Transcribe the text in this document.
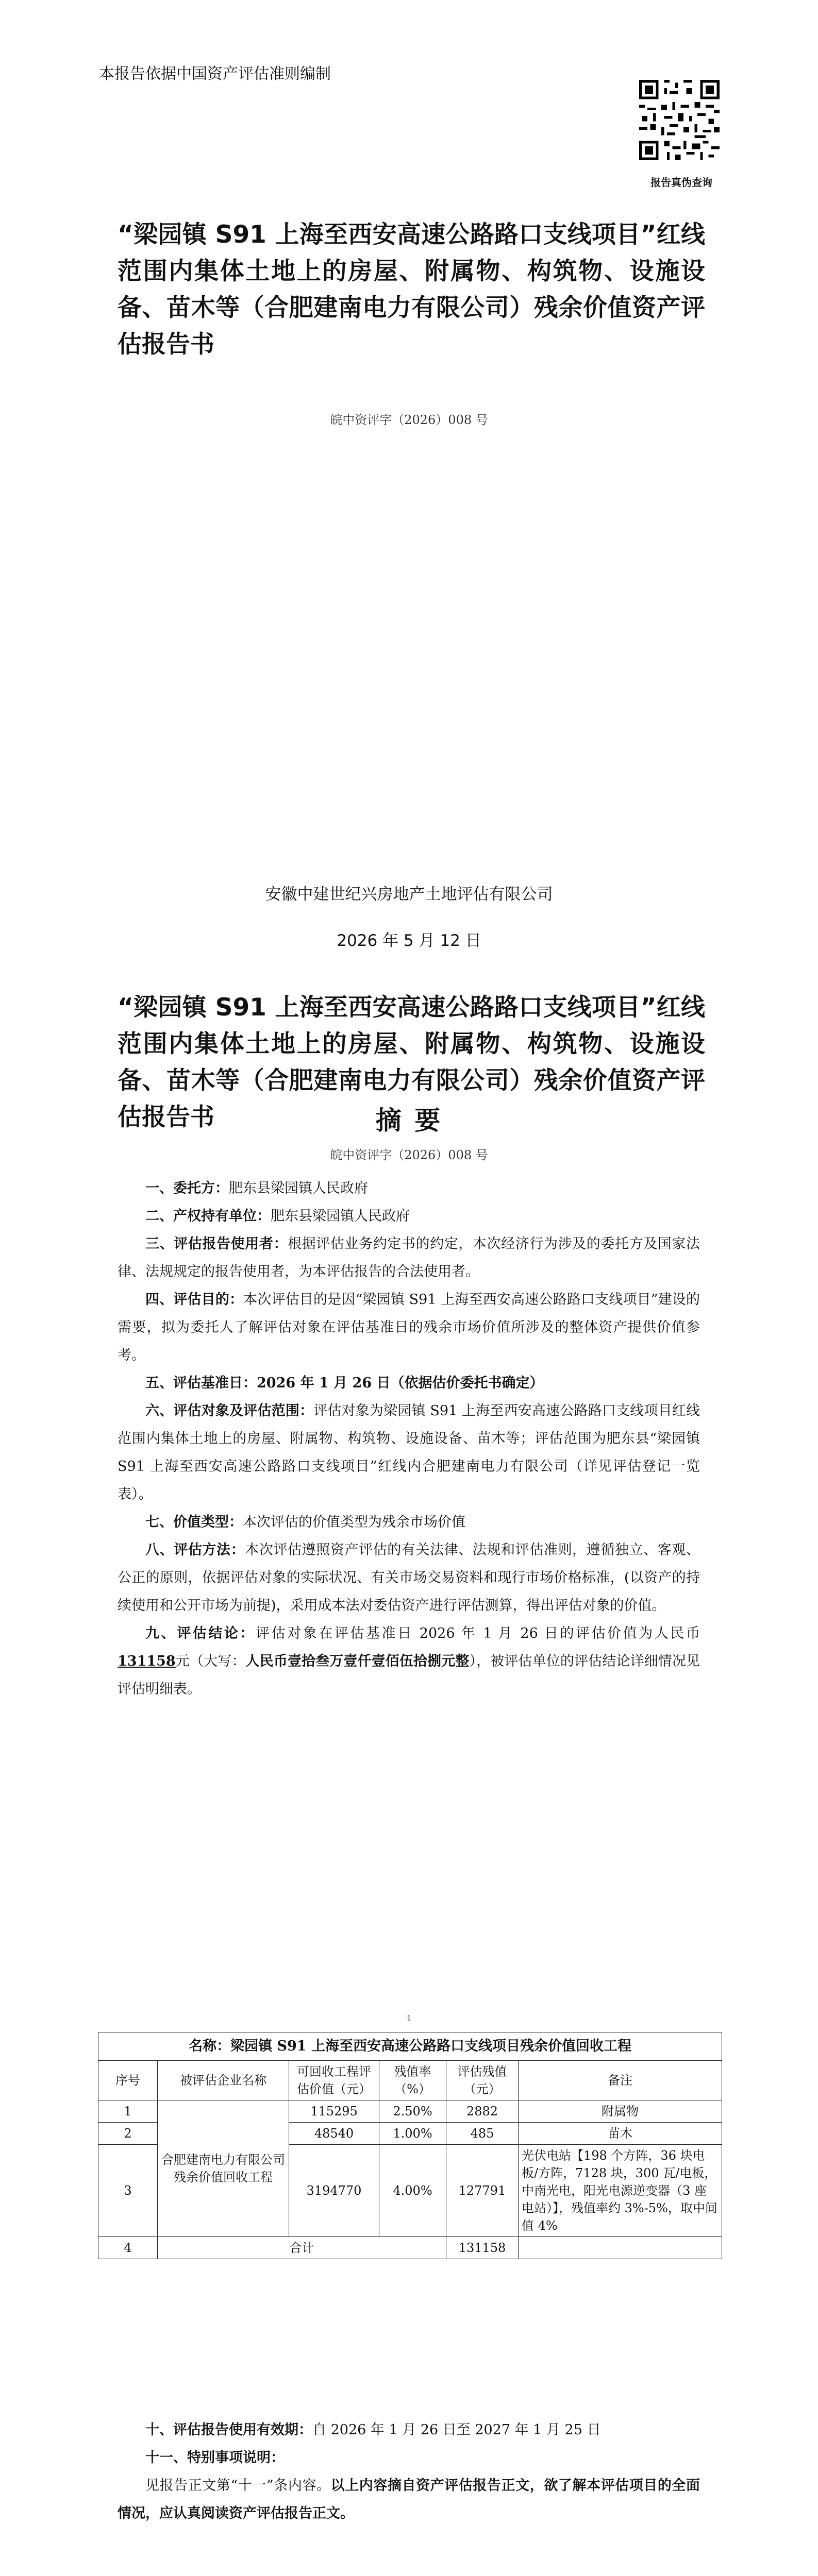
本报告依据中国资产评估准则编制
报告真伪查询
“梁园镇 S91 上海至西安高速公路路口支线项目”红线范围内集体土地上的房屋、附属物、构筑物、设施设备、苗木等（合肥建南电力有限公司）残余价值资产评估报告书
皖中资评字（2026）008 号
安徽中建世纪兴房地产土地评估有限公司
2026 年 5 月 12 日
“梁园镇 S91 上海至西安高速公路路口支线项目”红线范围内集体土地上的房屋、附属物、构筑物、设施设备、苗木等（合肥建南电力有限公司）残余价值资产评估报告书	摘 要
皖中资评字（2026）008 号
一、委托方：肥东县梁园镇人民政府
二、产权持有单位：肥东县梁园镇人民政府
三、评估报告使用者：根据评估业务约定书的约定，本次经济行为涉及的委托方及国家法律、法规规定的报告使用者，为本评估报告的合法使用者。
四、评估目的：本次评估目的是因“梁园镇 S91 上海至西安高速公路路口支线项目”建设的需要，拟为委托人了解评估对象在评估基准日的残余市场价值所涉及的整体资产提供价值参考。
五、评估基准日：2026 年 1 月 26 日（依据估价委托书确定）
六、评估对象及评估范围：评估对象为梁园镇 S91 上海至西安高速公路路口支线项目红线范围内集体土地上的房屋、附属物、构筑物、设施设备、苗木等；评估范围为肥东县“梁园镇 S91 上海至西安高速公路路口支线项目”红线内合肥建南电力有限公司（详见评估登记一览表）。
七、价值类型：本次评估的价值类型为残余市场价值
八、评估方法：本次评估遵照资产评估的有关法律、法规和评估准则，遵循独立、客观、公正的原则，依据评估对象的实际状况、有关市场交易资料和现行市场价格标准，(以资产的持续使用和公开市场为前提)，采用成本法对委估资产进行评估测算，得出评估对象的价值。
九、评估结论：评估对象在评估基准日 2026 年 1 月 26 日的评估价值为人民币 131158元（大写：人民币壹拾叁万壹仟壹佰伍拾捌元整），被评估单位的评估结论详细情况见评估明细表。
1
名称：梁园镇 S91 上海至西安高速公路路口支线项目残余价值回收工程					
序号	被评估企业名称	可回收工程评估价值（元）	残值率（%）	评估残值（元）	备注
1	合肥建南电力有限公司残余价值回收工程	115295	2.50%	2882	附属物
2		48540	1.00%	485	苗木
3		3194770	4.00%	127791	光伏电站【198 个方阵，36 块电板/方阵，7128 块，300 瓦/电板，中南光电，阳光电源逆变器（3 座电站）】，残值率约 3%-5%，取中间值 4%
4	合计			131158	
十、评估报告使用有效期：自 2026 年 1 月 26 日至 2027 年 1 月 25 日
十一、特别事项说明：
见报告正文第“十一”条内容。以上内容摘自资产评估报告正文，欲了解本评估项目的全面情况，应认真阅读资产评估报告正文。
